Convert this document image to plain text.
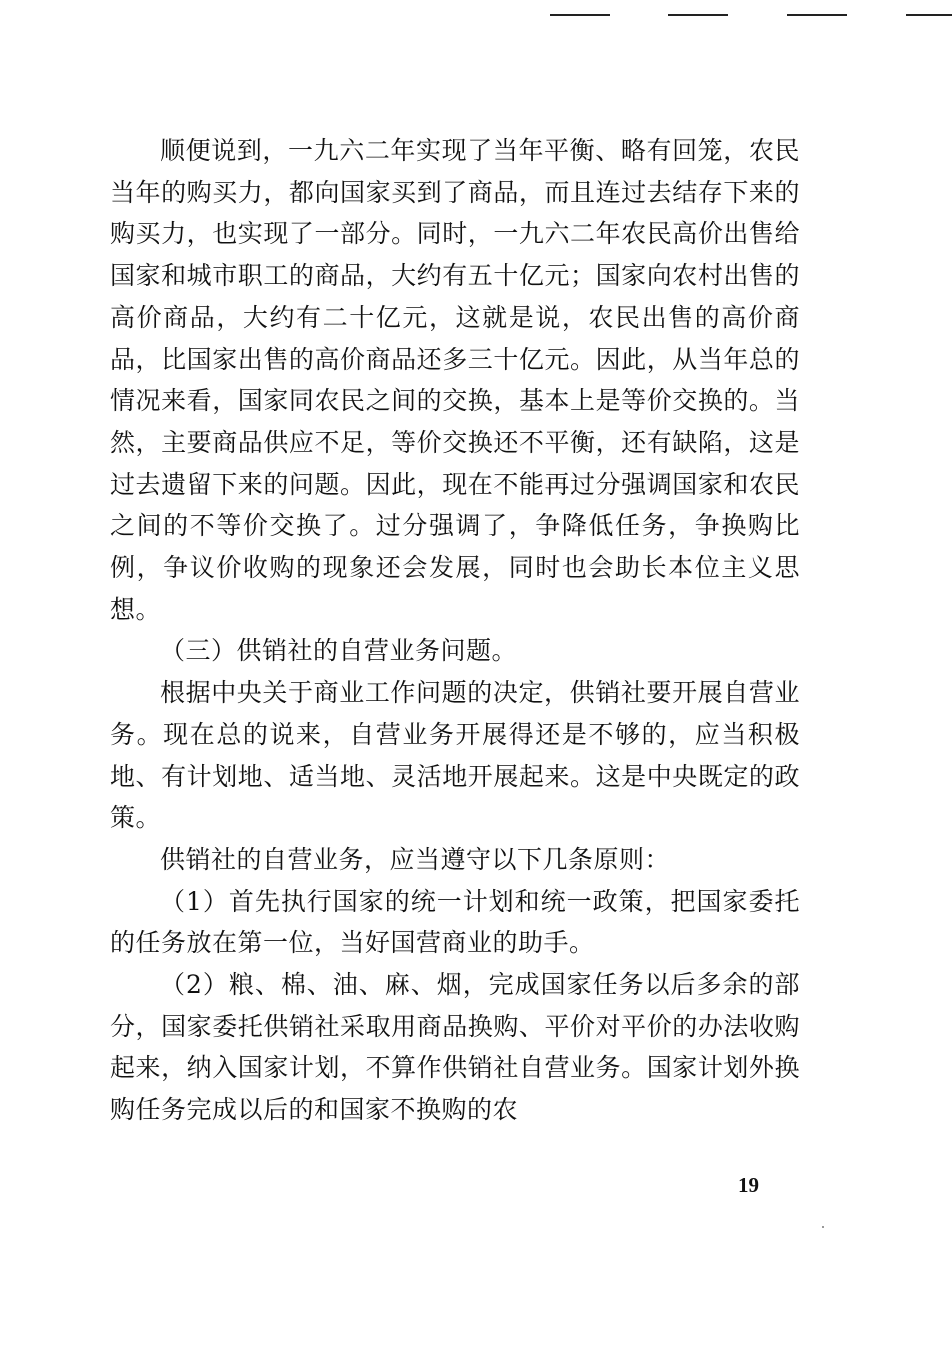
顺便说到，一九六二年实现了当年平衡、略有回笼，农民当年的购买力，都向国家买到了商品，而且连过去结存下来的购买力，也实现了一部分。同时，一九六二年农民高价出售给国家和城市职工的商品，大约有五十亿元；国家向农村出售的高价商品，大约有二十亿元，这就是说，农民出售的高价商品，比国家出售的高价商品还多三十亿元。因此，从当年总的情况来看，国家同农民之间的交换，基本上是等价交换的。当然，主要商品供应不足，等价交换还不平衡，还有缺陷，这是过去遗留下来的问题。因此，现在不能再过分强调国家和农民之间的不等价交换了。过分强调了，争降低任务，争换购比例，争议价收购的现象还会发展，同时也会助长本位主义思想。

（三）供销社的自营业务问题。

根据中央关于商业工作问题的决定，供销社要开展自营业务。现在总的说来，自营业务开展得还是不够的，应当积极地、有计划地、适当地、灵活地开展起来。这是中央既定的政策。

供销社的自营业务，应当遵守以下几条原则：

（1）首先执行国家的统一计划和统一政策，把国家委托的任务放在第一位，当好国营商业的助手。

（2）粮、棉、油、麻、烟，完成国家任务以后多余的部分，国家委托供销社采取用商品换购、平价对平价的办法收购起来，纳入国家计划，不算作供销社自营业务。国家计划外换购任务完成以后的和国家不换购的农

19
